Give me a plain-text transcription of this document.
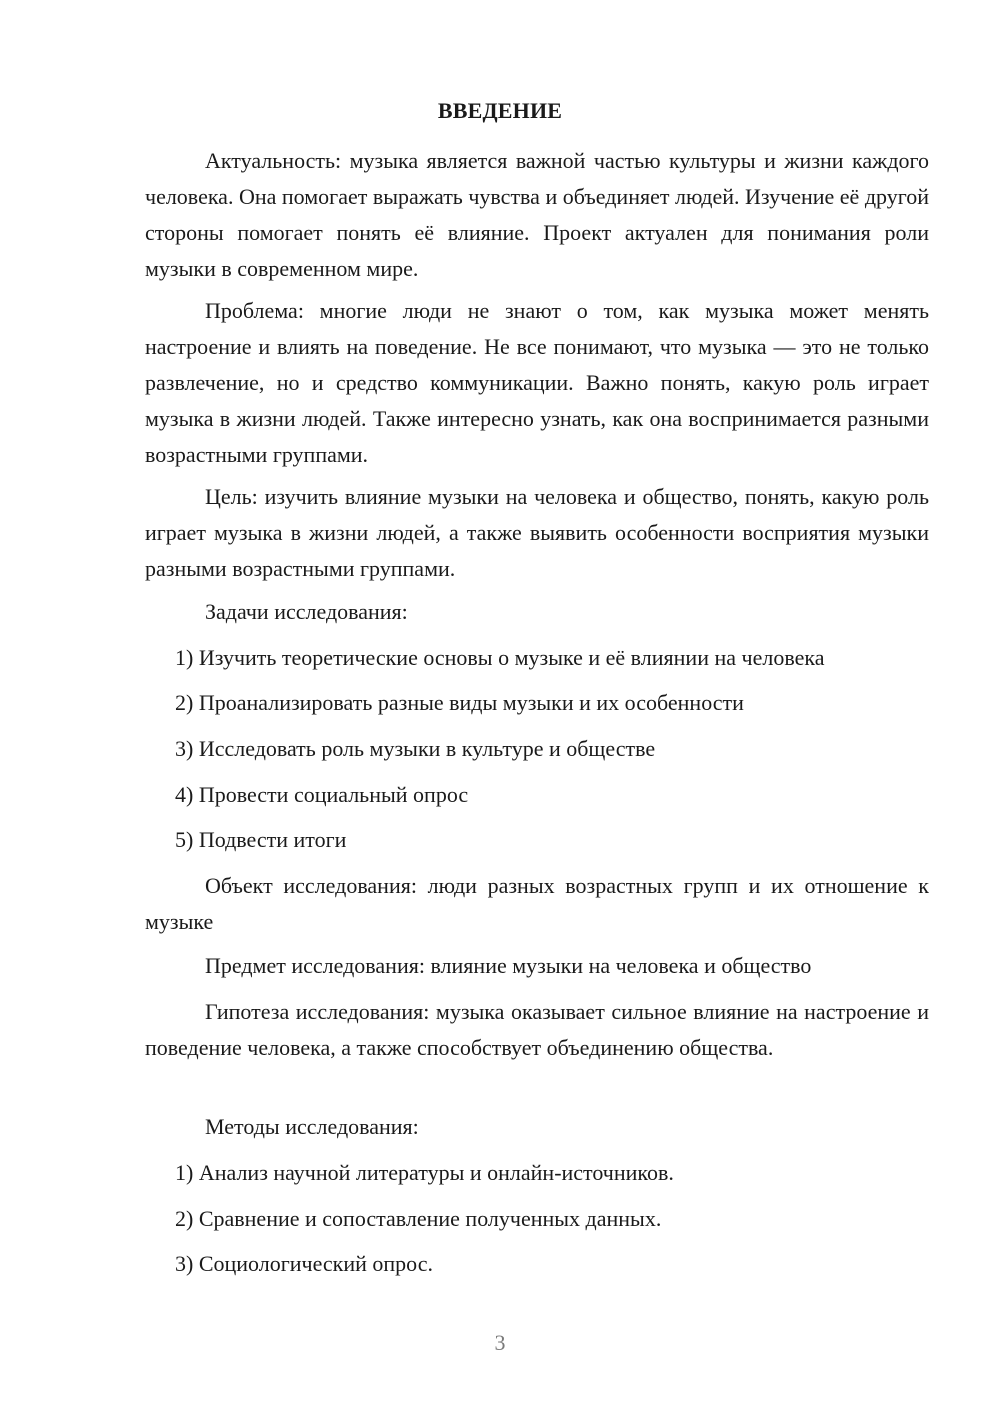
ВВЕДЕНИЕ

Актуальность: музыка является важной частью культуры и жизни каждого человека. Она помогает выражать чувства и объединяет людей. Изучение её другой стороны помогает понять её влияние. Проект актуален для понимания роли музыки в современном мире.

Проблема: многие люди не знают о том, как музыка может менять настроение и влиять на поведение. Не все понимают, что музыка — это не только развлечение, но и средство коммуникации. Важно понять, какую роль играет музыка в жизни людей. Также интересно узнать, как она воспринимается разными возрастными группами.

Цель: изучить влияние музыки на человека и общество, понять, какую роль играет музыка в жизни людей, а также выявить особенности восприятия музыки разными возрастными группами.

Задачи исследования:

1) Изучить теоретические основы о музыке и её влиянии на человека

2) Проанализировать разные виды музыки и их особенности

3) Исследовать роль музыки в культуре и обществе

4) Провести социальный опрос

5) Подвести итоги

Объект исследования: люди разных возрастных групп и их отношение к музыке

Предмет исследования: влияние музыки на человека и общество

Гипотеза исследования: музыка оказывает сильное влияние на настроение и поведение человека, а также способствует объединению общества.

Методы исследования:

1) Анализ научной литературы и онлайн-источников.

2) Сравнение и сопоставление полученных данных.

3) Социологический опрос.

3
